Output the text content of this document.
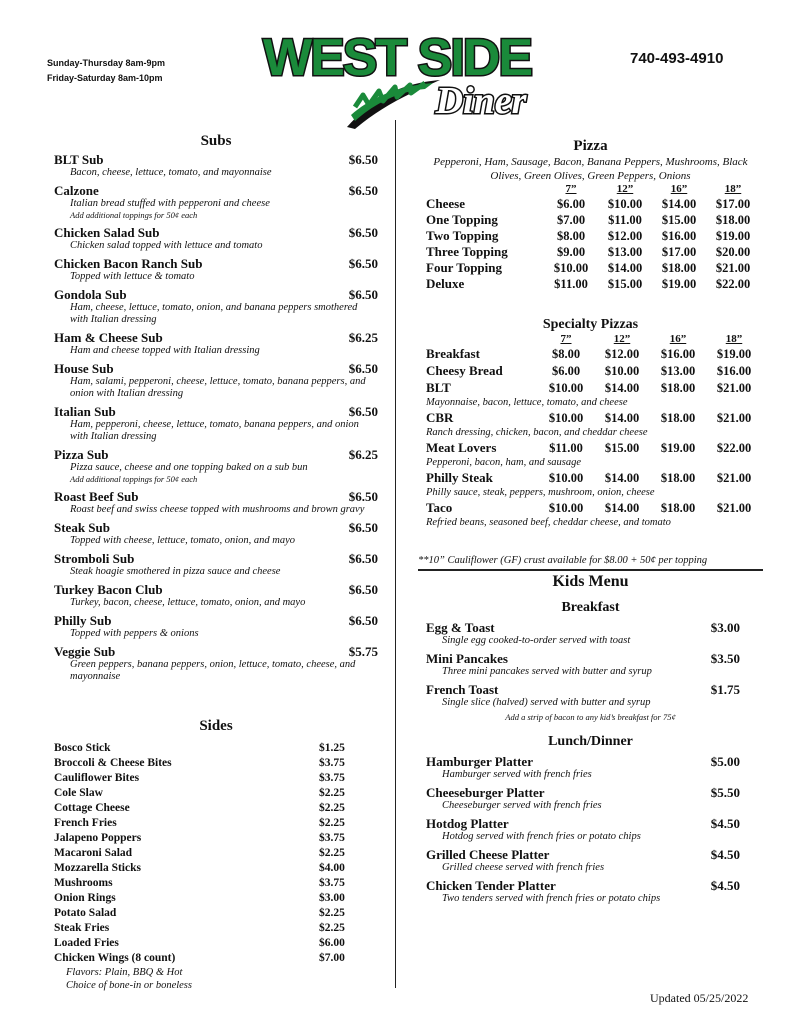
Sunday-Thursday 8am-9pm
Friday-Saturday 8am-10pm WEST SIDE
Diner
740-493-4910
Subs
BLT Sub	$6.50
Bacon, cheese, lettuce, tomato, and mayonnaise
Calzone	$6.50
Italian bread stuffed with pepperoni and cheese
Add additional toppings for 50¢ each
Chicken Salad Sub	$6.50
Chicken salad topped with lettuce and tomato
Chicken Bacon Ranch Sub	$6.50
Topped with lettuce & tomato
Gondola Sub	$6.50
Ham, cheese, lettuce, tomato, onion, and banana peppers smothered with Italian dressing
Ham & Cheese Sub	$6.25
Ham and cheese topped with Italian dressing
House Sub	$6.50
Ham, salami, pepperoni, cheese, lettuce, tomato, banana peppers, and onion with Italian dressing
Italian Sub	$6.50
Ham, pepperoni, cheese, lettuce, tomato, banana peppers, and onion with Italian dressing
Pizza Sub	$6.25
Pizza sauce, cheese and one topping baked on a sub bun
Add additional toppings for 50¢ each
Roast Beef Sub	$6.50
Roast beef and swiss cheese topped with mushrooms and brown gravy
Steak Sub	$6.50
Topped with cheese, lettuce, tomato, onion, and mayo
Stromboli Sub	$6.50
Steak hoagie smothered in pizza sauce and cheese
Turkey Bacon Club	$6.50
Turkey, bacon, cheese, lettuce, tomato, onion, and mayo
Philly Sub	$6.50
Topped with peppers & onions
Veggie Sub	$5.75
Green peppers, banana peppers, onion, lettuce, tomato, cheese, and mayonnaise
Sides
Bosco Stick	$1.25
Broccoli & Cheese Bites	$3.75
Cauliflower Bites	$3.75
Cole Slaw	$2.25
Cottage Cheese	$2.25
French Fries	$2.25
Jalapeno Poppers	$3.75
Macaroni Salad	$2.25
Mozzarella Sticks	$4.00
Mushrooms	$3.75
Onion Rings	$3.00
Potato Salad	$2.25
Steak Fries	$2.25
Loaded Fries	$6.00
Chicken Wings (8 count)	$7.00
Flavors: Plain, BBQ & Hot
Choice of bone-in or boneless
Pizza
Pepperoni, Ham, Sausage, Bacon, Banana Peppers, Mushrooms, Black Olives, Green Olives, Green Peppers, Onions
	7”	12”	16”	18”
Cheese	$6.00	$10.00	$14.00	$17.00
One Topping	$7.00	$11.00	$15.00	$18.00
Two Topping	$8.00	$12.00	$16.00	$19.00
Three Topping	$9.00	$13.00	$17.00	$20.00
Four Topping	$10.00	$14.00	$18.00	$21.00
Deluxe	$11.00	$15.00	$19.00	$22.00
Specialty Pizzas
	7”	12”	16”	18”
Breakfast	$8.00	$12.00	$16.00	$19.00
Cheesy Bread	$6.00	$10.00	$13.00	$16.00
BLT	$10.00	$14.00	$18.00	$21.00
Mayonnaise, bacon, lettuce, tomato, and cheese				
CBR	$10.00	$14.00	$18.00	$21.00
Ranch dressing, chicken, bacon, and cheddar cheese				
Meat Lovers	$11.00	$15.00	$19.00	$22.00
Pepperoni, bacon, ham, and sausage				
Philly Steak	$10.00	$14.00	$18.00	$21.00
Philly sauce, steak, peppers, mushroom, onion, cheese				
Taco	$10.00	$14.00	$18.00	$21.00
Refried beans, seasoned beef, cheddar cheese, and tomato				
**10” Cauliflower (GF) crust available for $8.00 + 50¢ per topping
Kids Menu
Breakfast
Egg & Toast	$3.00
Single egg cooked-to-order served with toast
Mini Pancakes	$3.50
Three mini pancakes served with butter and syrup
French Toast	$1.75
Single slice (halved) served with butter and syrup
Add a strip of bacon to any kid’s breakfast for 75¢
Lunch/Dinner
Hamburger Platter	$5.00
Hamburger served with french fries
Cheeseburger Platter	$5.50
Cheeseburger served with french fries
Hotdog Platter	$4.50
Hotdog served with french fries or potato chips
Grilled Cheese Platter	$4.50
Grilled cheese served with french fries
Chicken Tender Platter	$4.50
Two tenders served with french fries or potato chips
Updated 05/25/2022
